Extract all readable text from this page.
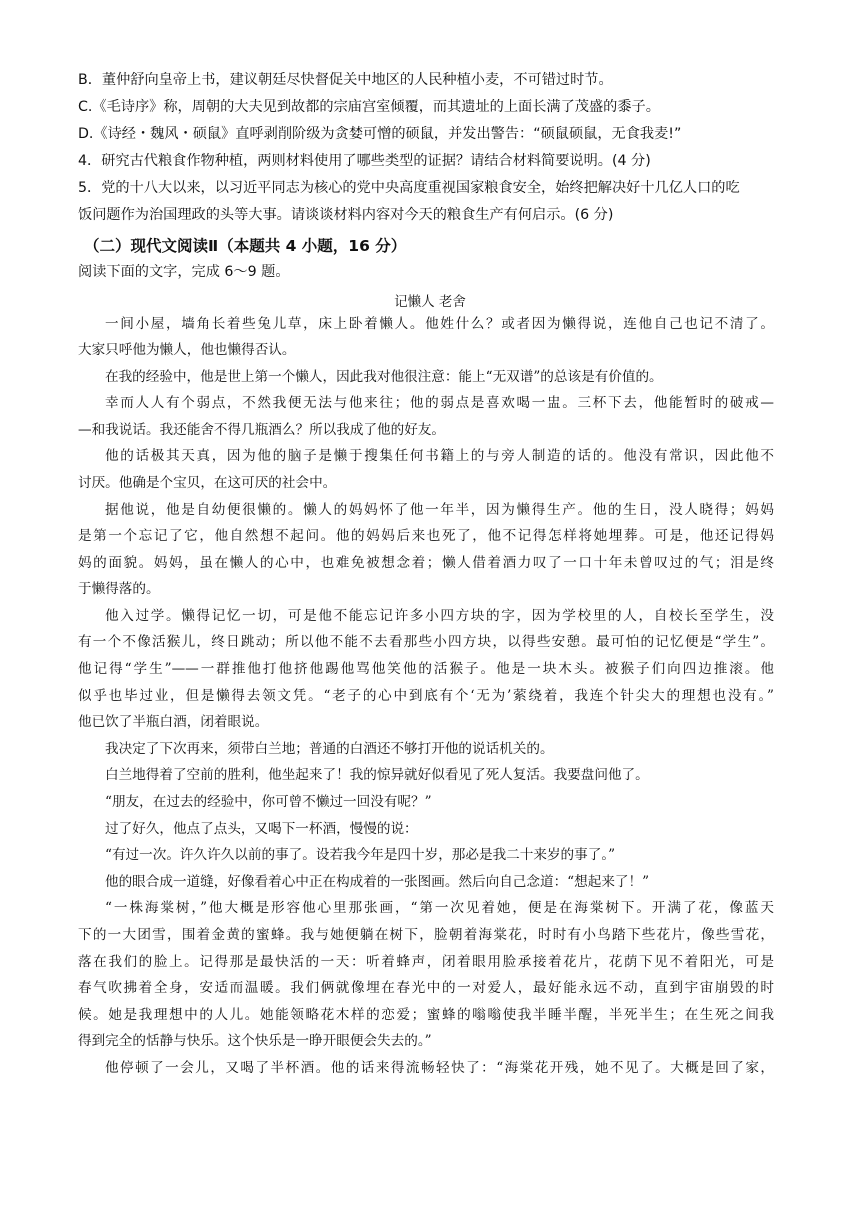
B．董仲舒向皇帝上书，建议朝廷尽快督促关中地区的人民种植小麦，不可错过时节。
C.《毛诗序》称，周朝的大夫见到故都的宗庙宫室倾覆，而其遗址的上面长满了茂盛的黍子。
D.《诗经・魏风・硕鼠》直呼剥削阶级为贪婪可憎的硕鼠，并发出警告：“硕鼠硕鼠，无食我麦!”
4．研究古代粮食作物种植，两则材料使用了哪些类型的证据？请结合材料简要说明。(4 分)
5．党的十八大以来，以习近平同志为核心的党中央高度重视国家粮食安全，始终把解决好十几亿人口的吃
饭问题作为治国理政的头等大事。请谈谈材料内容对今天的粮食生产有何启示。(6 分)
（二）现代文阅读Ⅱ（本题共 4 小题，16 分）
阅读下面的文字，完成 6～9 题。
记懒人 老舍
一间小屋，墙角长着些兔儿草，床上卧着懒人。他姓什么？或者因为懒得说，连他自己也记不清了。
大家只呼他为懒人，他也懒得否认。
在我的经验中，他是世上第一个懒人，因此我对他很注意：能上“无双谱”的总该是有价值的。
幸而人人有个弱点，不然我便无法与他来往；他的弱点是喜欢喝一盅。三杯下去，他能暂时的破戒—
—和我说话。我还能舍不得几瓶酒么？所以我成了他的好友。
他的话极其天真，因为他的脑子是懒于搜集任何书籍上的与旁人制造的话的。他没有常识，因此他不
讨厌。他确是个宝贝，在这可厌的社会中。
据他说，他是自幼便很懒的。懒人的妈妈怀了他一年半，因为懒得生产。他的生日，没人晓得；妈妈
是第一个忘记了它，他自然想不起问。他的妈妈后来也死了，他不记得怎样将她埋葬。可是，他还记得妈
妈的面貌。妈妈，虽在懒人的心中，也难免被想念着；懒人借着酒力叹了一口十年未曾叹过的气；泪是终
于懒得落的。
他入过学。懒得记忆一切，可是他不能忘记许多小四方块的字，因为学校里的人，自校长至学生，没
有一个不像活猴儿，终日跳动；所以他不能不去看那些小四方块，以得些安憩。最可怕的记忆便是“学生”。
他记得“学生”——一群推他打他挤他踢他骂他笑他的活猴子。他是一块木头。被猴子们向四边推滚。他
似乎也毕过业，但是懒得去领文凭。“老子的心中到底有个‘无为’萦绕着，我连个针尖大的理想也没有。”
他已饮了半瓶白酒，闭着眼说。
我决定了下次再来，须带白兰地；普通的白酒还不够打开他的说话机关的。
白兰地得着了空前的胜利，他坐起来了！我的惊异就好似看见了死人复活。我要盘问他了。
“朋友，在过去的经验中，你可曾不懒过一回没有呢？”
过了好久，他点了点头，又喝下一杯酒，慢慢的说：
“有过一次。许久许久以前的事了。设若我今年是四十岁，那必是我二十来岁的事了。”
他的眼合成一道缝，好像看着心中正在构成着的一张图画。然后向自己念道：“想起来了！”
“一株海棠树，”他大概是形容他心里那张画，“第一次见着她，便是在海棠树下。开满了花，像蓝天
下的一大团雪，围着金黄的蜜蜂。我与她便躺在树下，脸朝着海棠花，时时有小鸟踏下些花片，像些雪花，
落在我们的脸上。记得那是最快活的一天：听着蜂声，闭着眼用脸承接着花片，花荫下见不着阳光，可是
春气吹拂着全身，安适而温暖。我们俩就像埋在春光中的一对爱人，最好能永远不动，直到宇宙崩毁的时
候。她是我理想中的人儿。她能领略花木样的恋爱；蜜蜂的嗡嗡使我半睡半醒，半死半生；在生死之间我
得到完全的恬静与快乐。这个快乐是一睁开眼便会失去的。”
他停顿了一会儿，又喝了半杯酒。他的话来得流畅轻快了：“海棠花开残，她不见了。大概是回了家，
